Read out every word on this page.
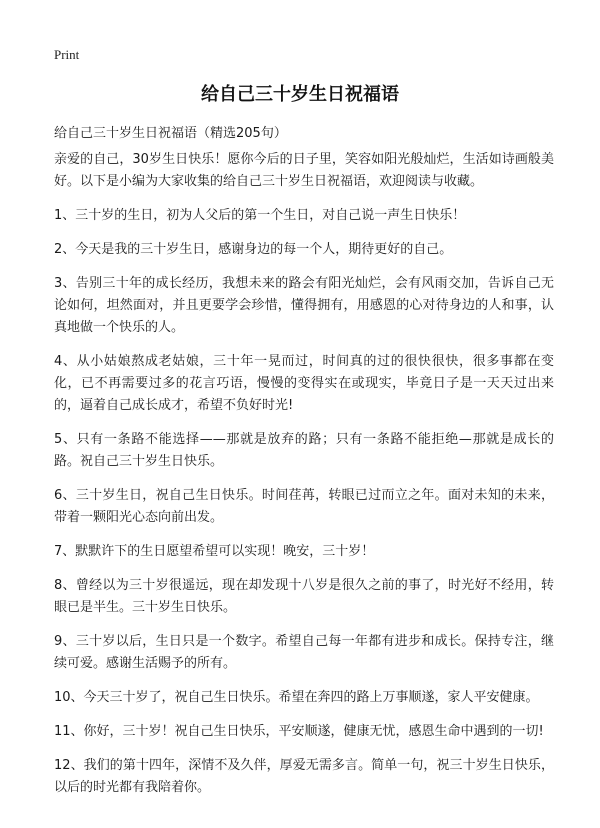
Print
给自己三十岁生日祝福语
给自己三十岁生日祝福语（精选205句）

亲爱的自己，30岁生日快乐！愿你今后的日子里，笑容如阳光般灿烂，生活如诗画般美好。以下是小编为大家收集的给自己三十岁生日祝福语，欢迎阅读与收藏。

1、三十岁的生日，初为人父后的第一个生日，对自己说一声生日快乐！

2、今天是我的三十岁生日，感谢身边的每一个人，期待更好的自己。

3、告别三十年的成长经历，我想未来的路会有阳光灿烂，会有风雨交加，告诉自己无论如何，坦然面对，并且更要学会珍惜，懂得拥有，用感恩的心对待身边的人和事，认真地做一个快乐的人。

4、从小姑娘熬成老姑娘，三十年一晃而过，时间真的过的很快很快，很多事都在变化，已不再需要过多的花言巧语，慢慢的变得实在或现实，毕竟日子是一天天过出来的，逼着自己成长成才，希望不负好时光!

5、只有一条路不能选择——那就是放弃的路；只有一条路不能拒绝—那就是成长的路。祝自己三十岁生日快乐。

6、三十岁生日，祝自己生日快乐。时间荏苒，转眼已过而立之年。面对未知的未来，带着一颗阳光心态向前出发。

7、默默许下的生日愿望希望可以实现！晚安，三十岁！

8、曾经以为三十岁很遥远，现在却发现十八岁是很久之前的事了，时光好不经用，转眼已是半生。三十岁生日快乐。

9、三十岁以后，生日只是一个数字。希望自己每一年都有进步和成长。保持专注，继续可爱。感谢生活赐予的所有。

10、今天三十岁了，祝自己生日快乐。希望在奔四的路上万事顺遂，家人平安健康。

11、你好，三十岁！祝自己生日快乐，平安顺遂，健康无忧，感恩生命中遇到的一切!

12、我们的第十四年，深情不及久伴，厚爱无需多言。简单一句，祝三十岁生日快乐，以后的时光都有我陪着你。
